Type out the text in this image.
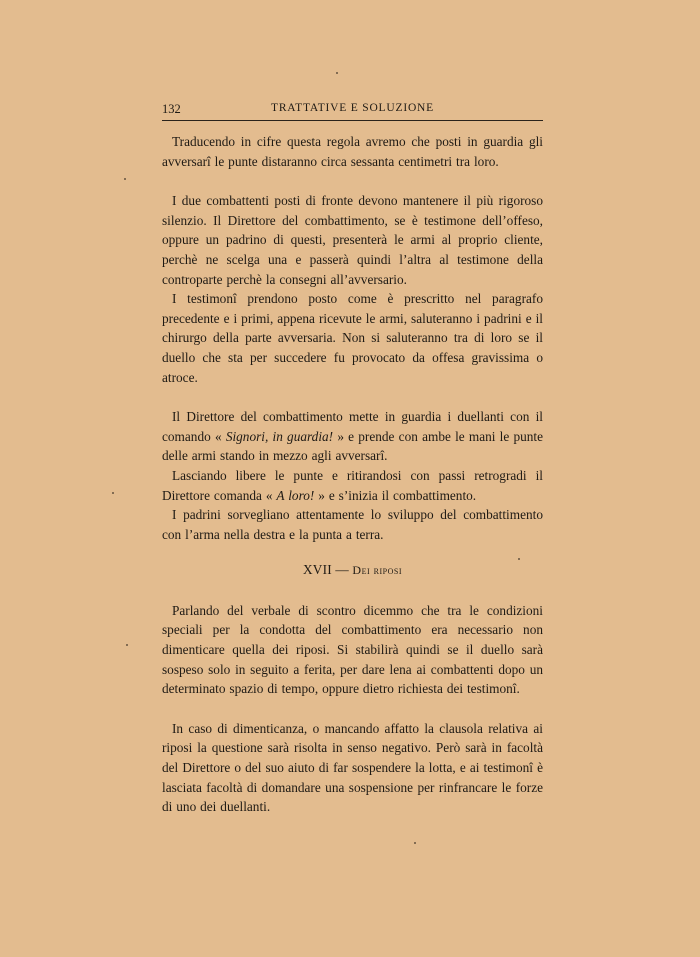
132	TRATTATIVE E SOLUZIONE

Traducendo in cifre questa regola avremo che posti in guardia gli avversarî le punte distaranno circa sessanta centimetri tra loro.

I due combattenti posti di fronte devono mantenere il più rigoroso silenzio. Il Direttore del combattimento, se è testimone dell’offeso, oppure un padrino di questi, presenterà le armi al proprio cliente, perchè ne scelga una e passerà quindi l’altra al testimone della controparte perchè la consegni all’avversario.

I testimonî prendono posto come è prescritto nel paragrafo precedente e i primi, appena ricevute le armi, saluteranno i padrini e il chirurgo della parte avversaria. Non si saluteranno tra di loro se il duello che sta per succedere fu provocato da offesa gravissima o atroce.

Il Direttore del combattimento mette in guardia i duellanti con il comando « Signori, in guardia! » e prende con ambe le mani le punte delle armi stando in mezzo agli avversarî.

Lasciando libere le punte e ritirandosi con passi retrogradi il Direttore comanda « A loro! » e s’inizia il combattimento.

I padrini sorvegliano attentamente lo sviluppo del combattimento con l’arma nella destra e la punta a terra.

XVII — Dei riposi

Parlando del verbale di scontro dicemmo che tra le condizioni speciali per la condotta del combattimento era necessario non dimenticare quella dei riposi. Si stabilirà quindi se il duello sarà sospeso solo in seguito a ferita, per dare lena ai combattenti dopo un determinato spazio di tempo, oppure dietro richiesta dei testimonî.

In caso di dimenticanza, o mancando affatto la clausola relativa ai riposi la questione sarà risolta in senso negativo. Però sarà in facoltà del Direttore o del suo aiuto di far sospendere la lotta, e ai testimonî è lasciata facoltà di domandare una sospensione per rinfrancare le forze di uno dei duellanti.
